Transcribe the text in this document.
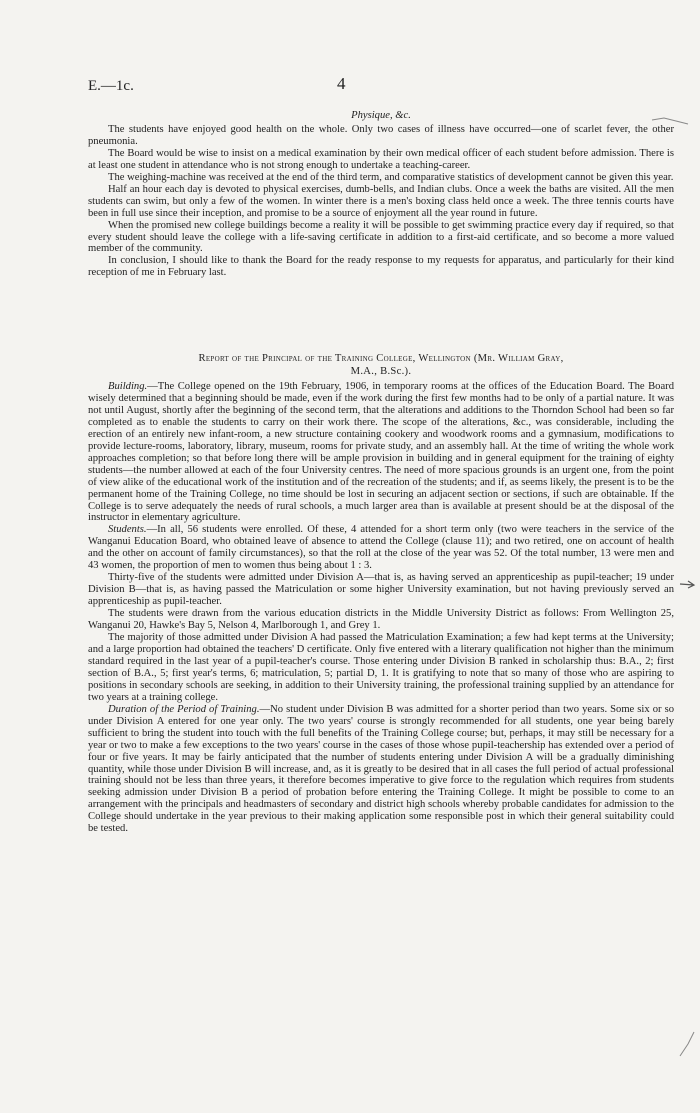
E.—1c.	4

Physique, &c.

The students have enjoyed good health on the whole. Only two cases of illness have occurred—one of scarlet fever, the other pneumonia.

The Board would be wise to insist on a medical examination by their own medical officer of each student before admission. There is at least one student in attendance who is not strong enough to undertake a teaching-career.

The weighing-machine was received at the end of the third term, and comparative statistics of development cannot be given this year.

Half an hour each day is devoted to physical exercises, dumb-bells, and Indian clubs. Once a week the baths are visited. All the men students can swim, but only a few of the women. In winter there is a men's boxing class held once a week. The three tennis courts have been in full use since their inception, and promise to be a source of enjoyment all the year round in future.

When the promised new college buildings become a reality it will be possible to get swimming practice every day if required, so that every student should leave the college with a life-saving certificate in addition to a first-aid certificate, and so become a more valued member of the community.

In conclusion, I should like to thank the Board for the ready response to my requests for apparatus, and particularly for their kind reception of me in February last.

Report of the Principal of the Training College, Wellington (Mr. William Gray,
M.A., B.Sc.).

Building.—The College opened on the 19th February, 1906, in temporary rooms at the offices of the Education Board. The Board wisely determined that a beginning should be made, even if the work during the first few months had to be only of a partial nature. It was not until August, shortly after the beginning of the second term, that the alterations and additions to the Thorndon School had been so far completed as to enable the students to carry on their work there. The scope of the alterations, &c., was considerable, including the erection of an entirely new infant-room, a new structure containing cookery and woodwork rooms and a gymnasium, modifications to provide lecture-rooms, laboratory, library, museum, rooms for private study, and an assembly hall. At the time of writing the whole work approaches completion; so that before long there will be ample provision in building and in general equipment for the training of eighty students—the number allowed at each of the four University centres. The need of more spacious grounds is an urgent one, from the point of view alike of the educational work of the institution and of the recreation of the students; and if, as seems likely, the present is to be the permanent home of the Training College, no time should be lost in securing an adjacent section or sections, if such are obtainable. If the College is to serve adequately the needs of rural schools, a much larger area than is available at present should be at the disposal of the instructor in elementary agriculture.

Students.—In all, 56 students were enrolled. Of these, 4 attended for a short term only (two were teachers in the service of the Wanganui Education Board, who obtained leave of absence to attend the College (clause 11); and two retired, one on account of health and the other on account of family circumstances), so that the roll at the close of the year was 52. Of the total number, 13 were men and 43 women, the proportion of men to women thus being about 1 : 3.

Thirty-five of the students were admitted under Division A—that is, as having served an apprenticeship as pupil-teacher; 19 under Division B—that is, as having passed the Matriculation or some higher University examination, but not having previously served an apprenticeship as pupil-teacher.

The students were drawn from the various education districts in the Middle University District as follows: From Wellington 25, Wanganui 20, Hawke's Bay 5, Nelson 4, Marlborough 1, and Grey 1.

The majority of those admitted under Division A had passed the Matriculation Examination; a few had kept terms at the University; and a large proportion had obtained the teachers' D certificate. Only five entered with a literary qualification not higher than the minimum standard required in the last year of a pupil-teacher's course. Those entering under Division B ranked in scholarship thus: B.A., 2; first section of B.A., 5; first year's terms, 6; matriculation, 5; partial D, 1. It is gratifying to note that so many of those who are aspiring to positions in secondary schools are seeking, in addition to their University training, the professional training supplied by an attendance for two years at a training college.

Duration of the Period of Training.—No student under Division B was admitted for a shorter period than two years. Some six or so under Division A entered for one year only. The two years' course is strongly recommended for all students, one year being barely sufficient to bring the student into touch with the full benefits of the Training College course; but, perhaps, it may still be necessary for a year or two to make a few exceptions to the two years' course in the cases of those whose pupil-teachership has extended over a period of four or five years. It may be fairly anticipated that the number of students entering under Division A will be a gradually diminishing quantity, while those under Division B will increase, and, as it is greatly to be desired that in all cases the full period of actual professional training should not be less than three years, it therefore becomes imperative to give force to the regulation which requires from students seeking admission under Division B a period of probation before entering the Training College. It might be possible to come to an arrangement with the principals and headmasters of secondary and district high schools whereby probable candidates for admission to the College should undertake in the year previous to their making application some responsible post in which their general suitability could be tested.
